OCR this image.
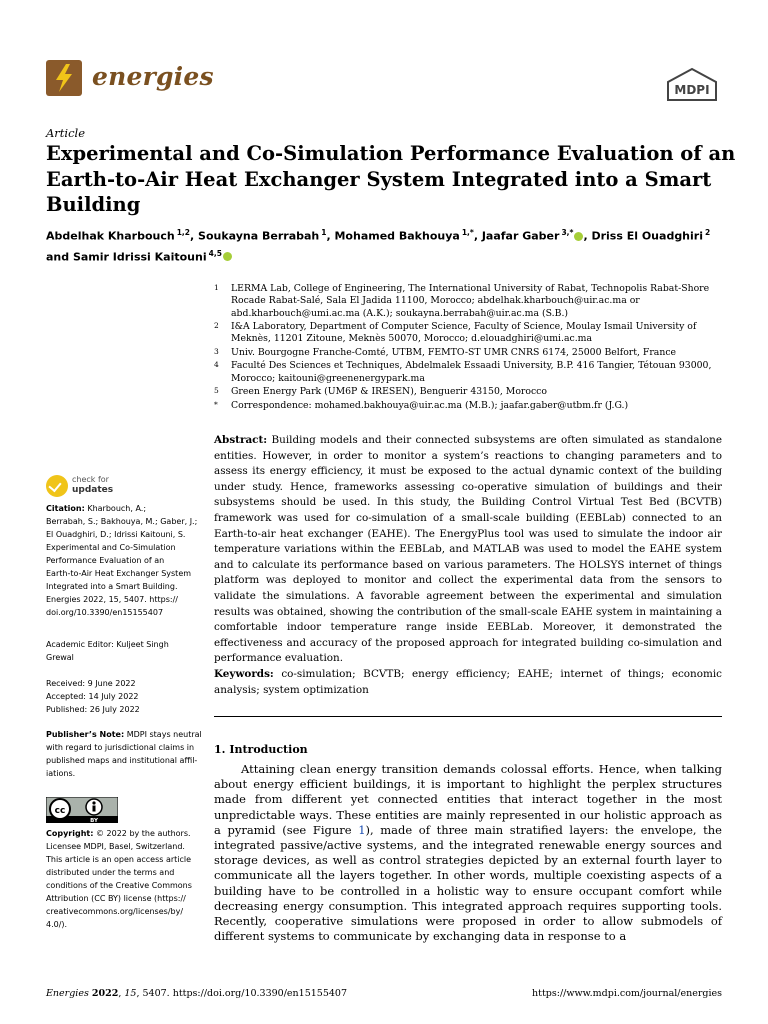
energies	MDPI
Article
Experimental and Co-Simulation Performance Evaluation of an Earth-to-Air Heat Exchanger System Integrated into a Smart Building
Abdelhak Kharbouch $^{1,2}$, Soukayna Berrabah $^1$, Mohamed Bakhouya $^{1,*}$, Jaafar Gaber $^{3,*}$ , Driss El Ouadghiri $^2$
and Samir Idrissi Kaitouni $^{4,5}$
1	LERMA Lab, College of Engineering, The International University of Rabat, Technopolis Rabat-Shore Rocade Rabat-Salé, Sala El Jadida 11100, Morocco; abdelhak.kharbouch@uir.ac.ma or abd.kharbouch@umi.ac.ma (A.K.); soukayna.berrabah@uir.ac.ma (S.B.)
2	I&A Laboratory, Department of Computer Science, Faculty of Science, Moulay Ismail University of Meknès, 11201 Zitoune, Meknès 50070, Morocco; d.elouadghiri@umi.ac.ma
3	Univ. Bourgogne Franche-Comté, UTBM, FEMTO-ST UMR CNRS 6174, 25000 Belfort, France
4	Faculté Des Sciences et Techniques, Abdelmalek Essaadi University, B.P. 416 Tangier, Tétouan 93000, Morocco; kaitouni@greenenergypark.ma
5	Green Energy Park (UM6P & IRESEN), Benguerir 43150, Morocco
*	Correspondence: mohamed.bakhouya@uir.ac.ma (M.B.); jaafar.gaber@utbm.fr (J.G.)

Abstract: Building models and their connected subsystems are often simulated as standalone entities. However, in order to monitor a system’s reactions to changing parameters and to assess its energy efficiency, it must be exposed to the actual dynamic context of the building under study. Hence, frameworks assessing co-operative simulation of buildings and their subsystems should be used. In this study, the Building Control Virtual Test Bed (BCVTB) framework was used for co-simulation of a small-scale building (EEBLab) connected to an Earth-to-air heat exchanger (EAHE). The EnergyPlus tool was used to simulate the indoor air temperature variations within the EEBLab, and MATLAB was used to model the EAHE system and to calculate its performance based on various parameters. The HOLSYS internet of things platform was deployed to monitor and collect the experimental data from the sensors to validate the simulations. A favorable agreement between the experimental and simulation results was obtained, showing the contribution of the small-scale EAHE system in maintaining a comfortable indoor temperature range inside EEBLab. Moreover, it demonstrated the effectiveness and accuracy of the proposed approach for integrated building co-simulation and performance evaluation.

Keywords: co-simulation; BCVTB; energy efficiency; EAHE; internet of things; economic analysis; system optimization

1. Introduction

Attaining clean energy transition demands colossal efforts. Hence, when talking about energy efficient buildings, it is important to highlight the perplex structures made from different yet connected entities that interact together in the most unpredictable ways. These entities are mainly represented in our holistic approach as a pyramid (see Figure 1), made of three main stratified layers: the envelope, the integrated passive/active systems, and the integrated renewable energy sources and storage devices, as well as control strategies depicted by an external fourth layer to communicate all the layers together. In other words, multiple coexisting aspects of a building have to be controlled in a holistic way to ensure occupant comfort while decreasing energy consumption. This integrated approach requires supporting tools. Recently, cooperative simulations were proposed in order to allow submodels of different systems to communicate by exchanging data in response to a

check for
updates
Citation: Kharbouch, A.;
Berrabah, S.; Bakhouya, M.; Gaber, J.;
El Ouadghiri, D.; Idrissi Kaitouni, S.
Experimental and Co-Simulation
Performance Evaluation of an
Earth-to-Air Heat Exchanger System
Integrated into a Smart Building.
Energies 2022, 15, 5407. https://
doi.org/10.3390/en15155407
Academic Editor: Kuljeet Singh
Grewal
Received: 9 June 2022
Accepted: 14 July 2022
Published: 26 July 2022
Publisher’s Note: MDPI stays neutral
with regard to jurisdictional claims in
published maps and institutional affil-
iations.
cc
BY
Copyright: © 2022 by the authors.
Licensee MDPI, Basel, Switzerland.
This article is an open access article
distributed under the terms and
conditions of the Creative Commons
Attribution (CC BY) license (https://
creativecommons.org/licenses/by/
4.0/).
Energies 2022, 15, 5407. https://doi.org/10.3390/en15155407	https://www.mdpi.com/journal/energies
